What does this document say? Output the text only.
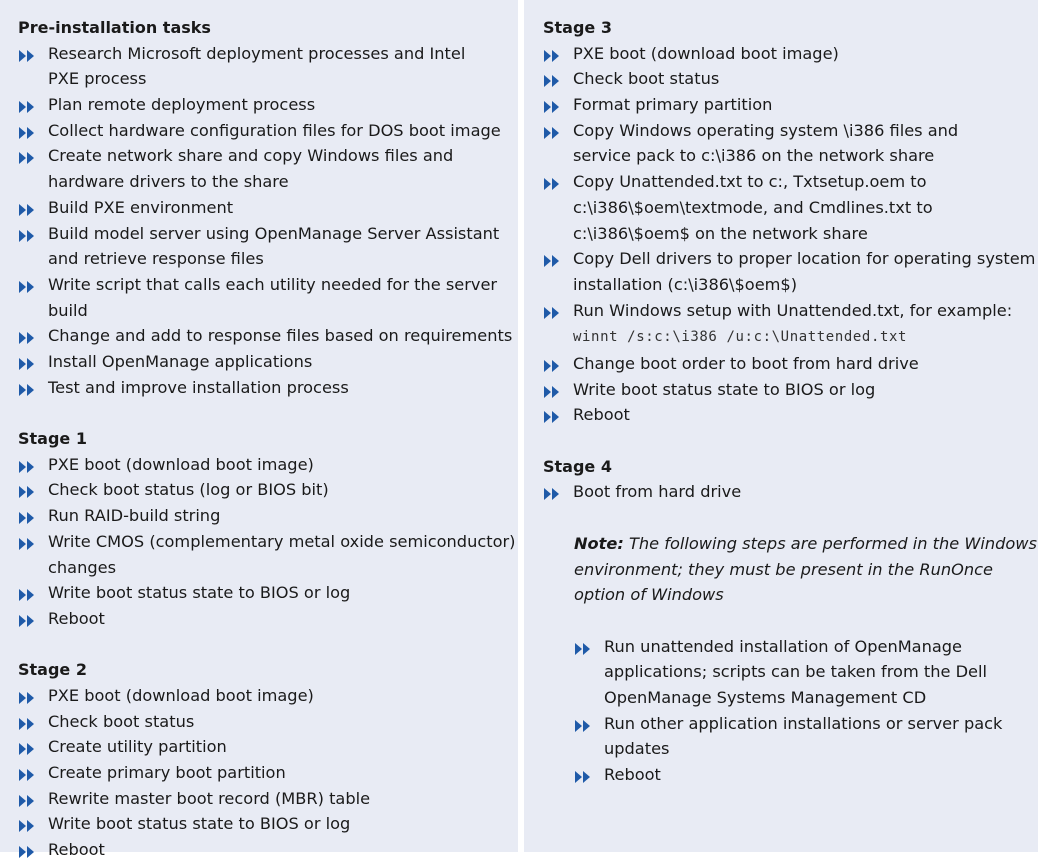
Pre-installation tasks
Research Microsoft deployment processes and Intel
PXE process
Plan remote deployment process
Collect hardware configuration files for DOS boot image
Create network share and copy Windows files and
hardware drivers to the share
Build PXE environment
Build model server using OpenManage Server Assistant
and retrieve response files
Write script that calls each utility needed for the server build
Change and add to response files based on requirements
Install OpenManage applications
Test and improve installation process
Stage 1
PXE boot (download boot image)
Check boot status (log or BIOS bit)
Run RAID-build string
Write CMOS (complementary metal oxide semiconductor)
changes
Write boot status state to BIOS or log
Reboot
Stage 2
PXE boot (download boot image)
Check boot status
Create utility partition
Create primary boot partition
Rewrite master boot record (MBR) table
Write boot status state to BIOS or log
Reboot
Stage 3
PXE boot (download boot image)
Check boot status
Format primary partition
Copy Windows operating system \i386 files and
service pack to c:\i386 on the network share
Copy Unattended.txt to c:, Txtsetup.oem to
c:\i386\$oem\textmode, and Cmdlines.txt to
c:\i386\$oem$ on the network share
Copy Dell drivers to proper location for operating system
installation (c:\i386\$oem$)
Run Windows setup with Unattended.txt, for example:
winnt /s:c:\i386 /u:c:\Unattended.txt
Change boot order to boot from hard drive
Write boot status state to BIOS or log
Reboot
Stage 4
Boot from hard drive
Note: The following steps are performed in the Windows
environment; they must be present in the RunOnce
option of Windows
Run unattended installation of OpenManage
applications; scripts can be taken from the Dell
OpenManage Systems Management CD
Run other application installations or server pack
updates
Reboot
